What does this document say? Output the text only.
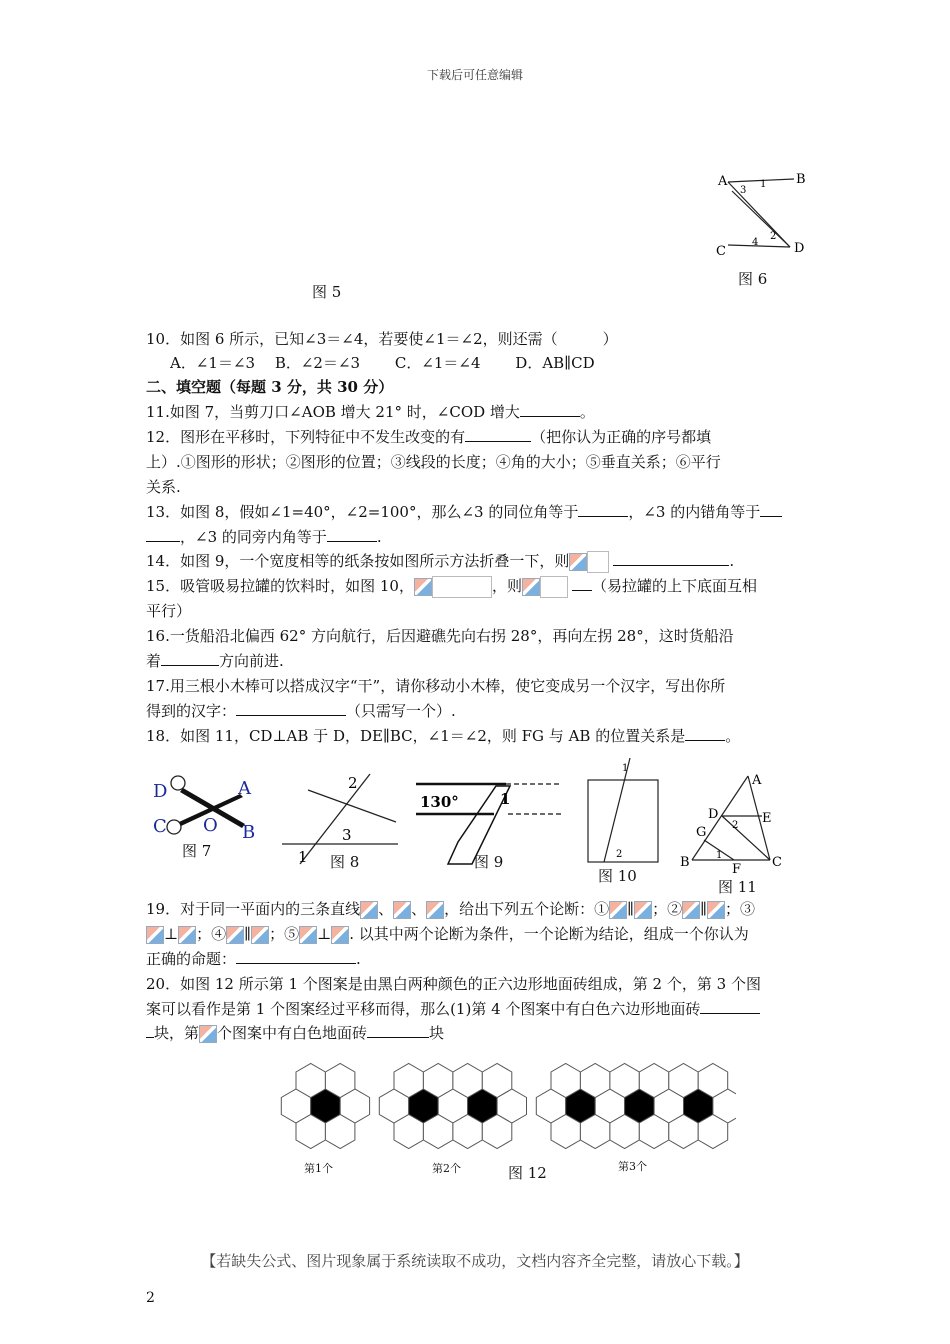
下载后可任意编辑
A	B
C	D
1
3
2
4
图 6
图 5
10．如图 6 所示，已知∠3＝∠4，若要使∠1＝∠2，则还需（　　　）
A．∠1＝∠3　 B．∠2＝∠3　　 C．∠1＝∠4　　 D．AB∥CD
二、填空题（每题 3 分，共 30 分）
11.如图 7，当剪刀口∠AOB 增大 21° 时，∠COD 增大	。
12．图形在平移时，下列特征中不发生改变的有	（把你认为正确的序号都填
上）.①图形的形状；②图形的位置；③线段的长度；④角的大小；⑤垂直关系；⑥平行
关系.
13．如图 8，假如∠1=40°，∠2=100°，那么∠3 的同位角等于	，∠3 的内错角等于
，∠3 的同旁内角等于	.
14．如图 9，一个宽度相等的纸条按如图所示方法折叠一下，则	.
15．吸管吸易拉罐的饮料时，如图 10，	，则	（易拉罐的上下底面互相
平行）
16.一货船沿北偏西 62° 方向航行，后因避礁先向右拐 28°，再向左拐 28°，这时货船沿
着	方向前进.
17.用三根小木棒可以搭成汉字“干”，请你移动小木棒，使它变成另一个汉字，写出你所
得到的汉字：	（只需写一个）.
18．如图 11，CD⊥AB 于 D，DE∥BC，∠1＝∠2，则 FG 与 AB 的位置关系是	。
D	A
C O B
图 7
2
3
1 图 8
130°	1
图 9
1
2
图 10
A
D	E
G
B	F C
2
1
图 11
19．对于同一平面内的三条直线 、 、 ，给出下列五个论断：① ∥ ；② ∥ ；③
⊥ ；④ ∥ ；⑤ ⊥ . 以其中两个论断为条件，一个论断为结论，组成一个你认为
正确的命题：	.
20．如图 12 所示第 1 个图案是由黑白两种颜色的正六边形地面砖组成，第 2 个，第 3 个图
案可以看作是第 1 个图案经过平移而得，那么(1)第 4 个图案中有白色六边形地面砖
块，第 个图案中有白色地面砖	块
第1个	第2个	图 12	第3个
【若缺失公式、图片现象属于系统读取不成功，文档内容齐全完整，请放心下载。】
2
